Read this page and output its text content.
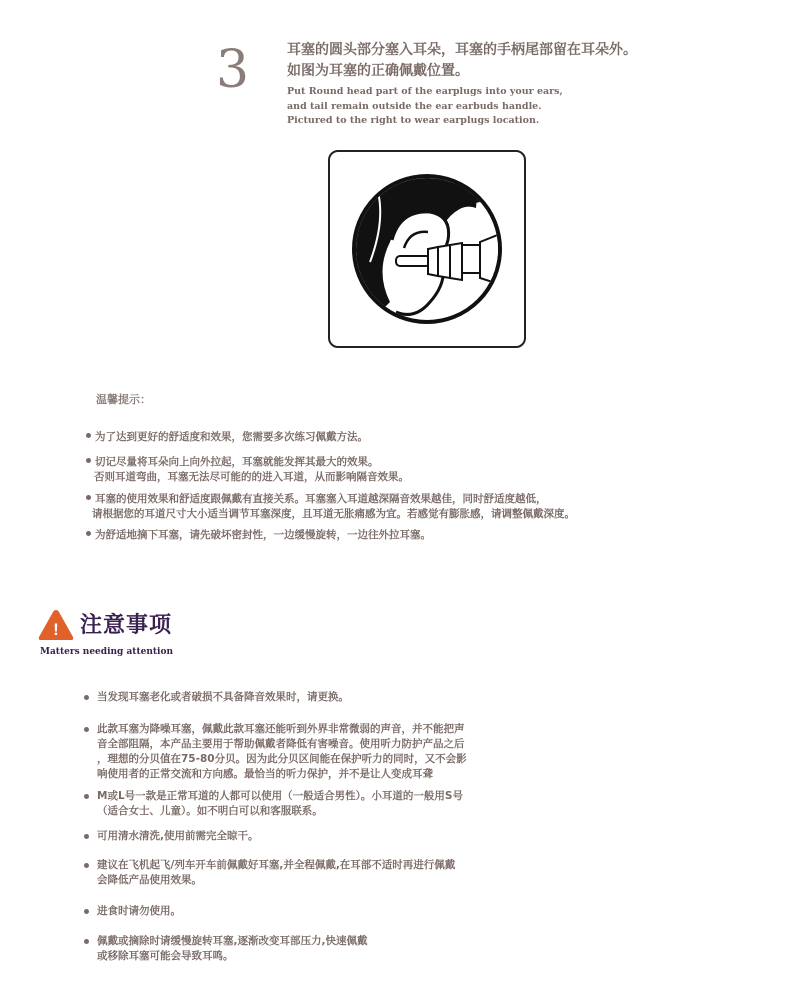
3	耳塞的圆头部分塞入耳朵，耳塞的手柄尾部留在耳朵外。
如图为耳塞的正确佩戴位置。
Put Round head part of the earplugs into your ears,
and tail remain outside the ear earbuds handle.
Pictured to the right to wear earplugs location.
温馨提示：
为了达到更好的舒适度和效果，您需要多次练习佩戴方法。
切记尽量将耳朵向上向外拉起，耳塞就能发挥其最大的效果。
否则耳道弯曲，耳塞无法尽可能的的进入耳道，从而影响隔音效果。
耳塞的使用效果和舒适度跟佩戴有直接关系。耳塞塞入耳道越深隔音效果越佳，同时舒适度越低，
请根据您的耳道尺寸大小适当调节耳塞深度，且耳道无胀痛感为宜。若感觉有膨胀感，请调整佩戴深度。
为舒适地摘下耳塞，请先破坏密封性，一边缓慢旋转，一边往外拉耳塞。
! 注意事项
Matters needing attention
当发现耳塞老化或者破损不具备降音效果时，请更换。
此款耳塞为降噪耳塞，佩戴此款耳塞还能听到外界非常微弱的声音，并不能把声
音全部阻隔，本产品主要用于帮助佩戴者降低有害噪音。使用听力防护产品之后
，理想的分贝值在75-80分贝。因为此分贝区间能在保护听力的同时，又不会影
响使用者的正常交流和方向感。最恰当的听力保护，并不是让人变成耳聋
M或L号一款是正常耳道的人都可以使用（一般适合男性）。小耳道的一般用S号
（适合女士、儿童）。如不明白可以和客服联系。
可用清水清洗,使用前需完全晾干。
建议在飞机起飞/列车开车前佩戴好耳塞,并全程佩戴,在耳部不适时再进行佩戴
会降低产品使用效果。
进食时请勿使用。
佩戴或摘除时请缓慢旋转耳塞,逐渐改变耳部压力,快速佩戴
或移除耳塞可能会导致耳鸣。
